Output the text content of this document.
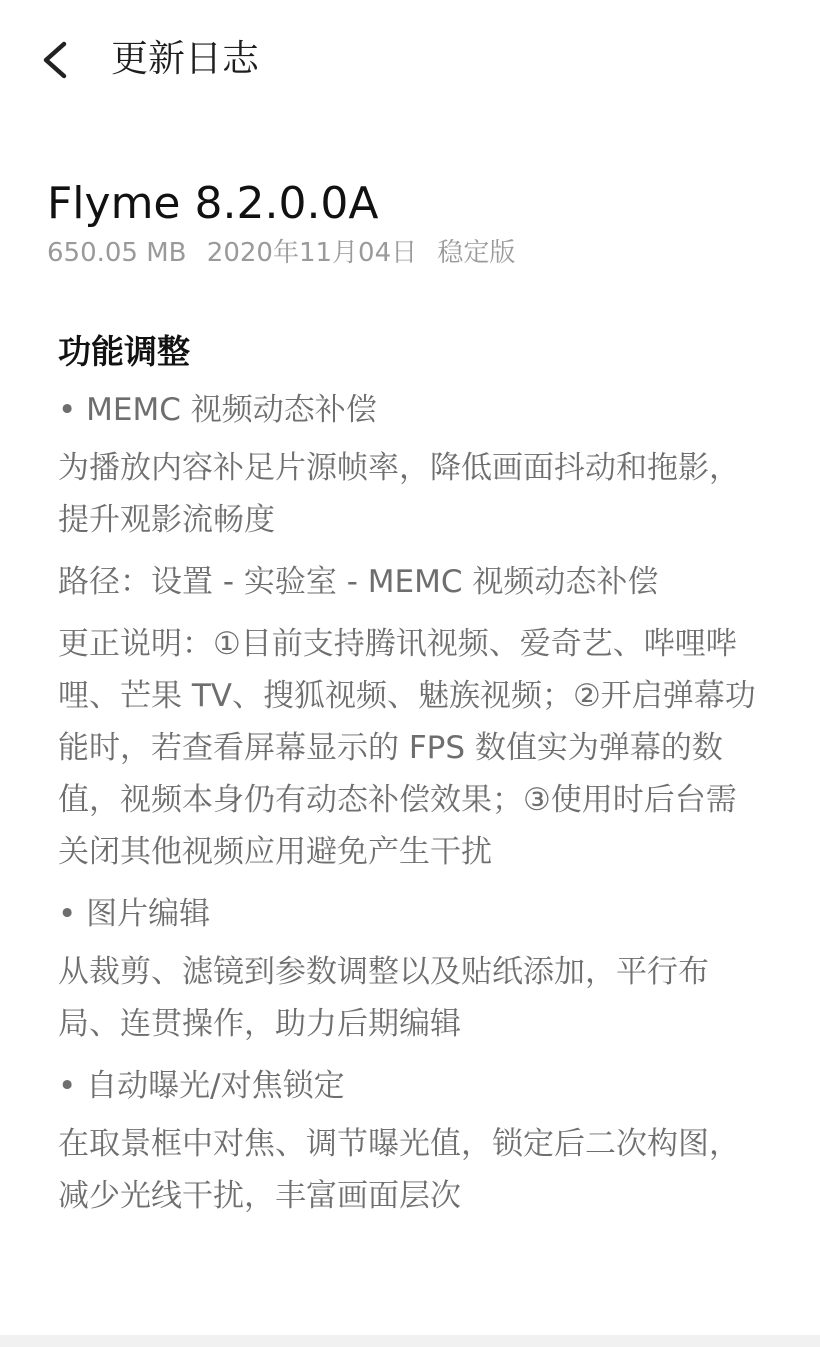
更新日志
Flyme 8.2.0.0A
650.05 MB 2020年11月04日 稳定版
功能调整
• MEMC 视频动态补偿
为播放内容补足片源帧率，降低画面抖动和拖影，提升观影流畅度
路径：设置 - 实验室 - MEMC 视频动态补偿
更正说明：①目前支持腾讯视频、爱奇艺、哔哩哔哩、芒果 TV、搜狐视频、魅族视频；②开启弹幕功能时，若查看屏幕显示的 FPS 数值实为弹幕的数值，视频本身仍有动态补偿效果；③使用时后台需关闭其他视频应用避免产生干扰
• 图片编辑
从裁剪、滤镜到参数调整以及贴纸添加，平行布局、连贯操作，助力后期编辑
• 自动曝光/对焦锁定
在取景框中对焦、调节曝光值，锁定后二次构图，减少光线干扰，丰富画面层次
